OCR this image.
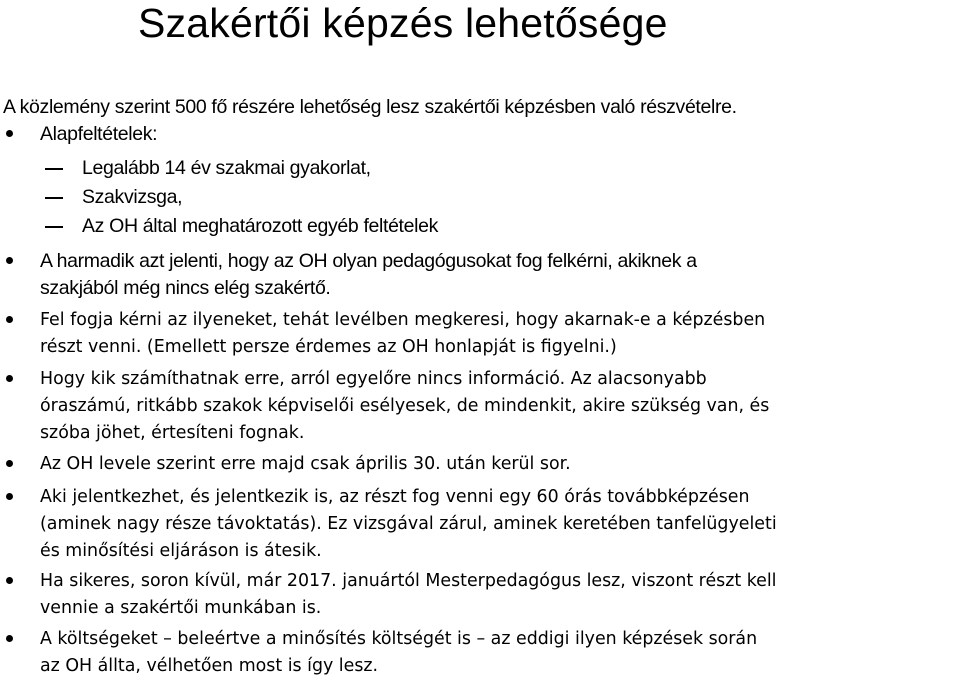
Szakértői képzés lehetősége
A közlemény szerint 500 fő részére lehetőség lesz szakértői képzésben való részvételre.
Alapfeltételek:
Legalább 14 év szakmai gyakorlat,
Szakvizsga,
Az OH által meghatározott egyéb feltételek
A harmadik azt jelenti, hogy az OH olyan pedagógusokat fog felkérni, akiknek a
szakjából még nincs elég szakértő.
Fel fogja kérni az ilyeneket, tehát levélben megkeresi, hogy akarnak-e a képzésben
részt venni. (Emellett persze érdemes az OH honlapját is figyelni.)
Hogy kik számíthatnak erre, arról egyelőre nincs információ. Az alacsonyabb
óraszámú, ritkább szakok képviselői esélyesek, de mindenkit, akire szükség van, és
szóba jöhet, értesíteni fognak.
Az OH levele szerint erre majd csak április 30. után kerül sor.
Aki jelentkezhet, és jelentkezik is, az részt fog venni egy 60 órás továbbképzésen
(aminek nagy része távoktatás). Ez vizsgával zárul, aminek keretében tanfelügyeleti
és minősítési eljáráson is átesik.
Ha sikeres, soron kívül, már 2017. januártól Mesterpedagógus lesz, viszont részt kell
vennie a szakértői munkában is.
A költségeket – beleértve a minősítés költségét is – az eddigi ilyen képzések során
az OH állta, vélhetően most is így lesz.
